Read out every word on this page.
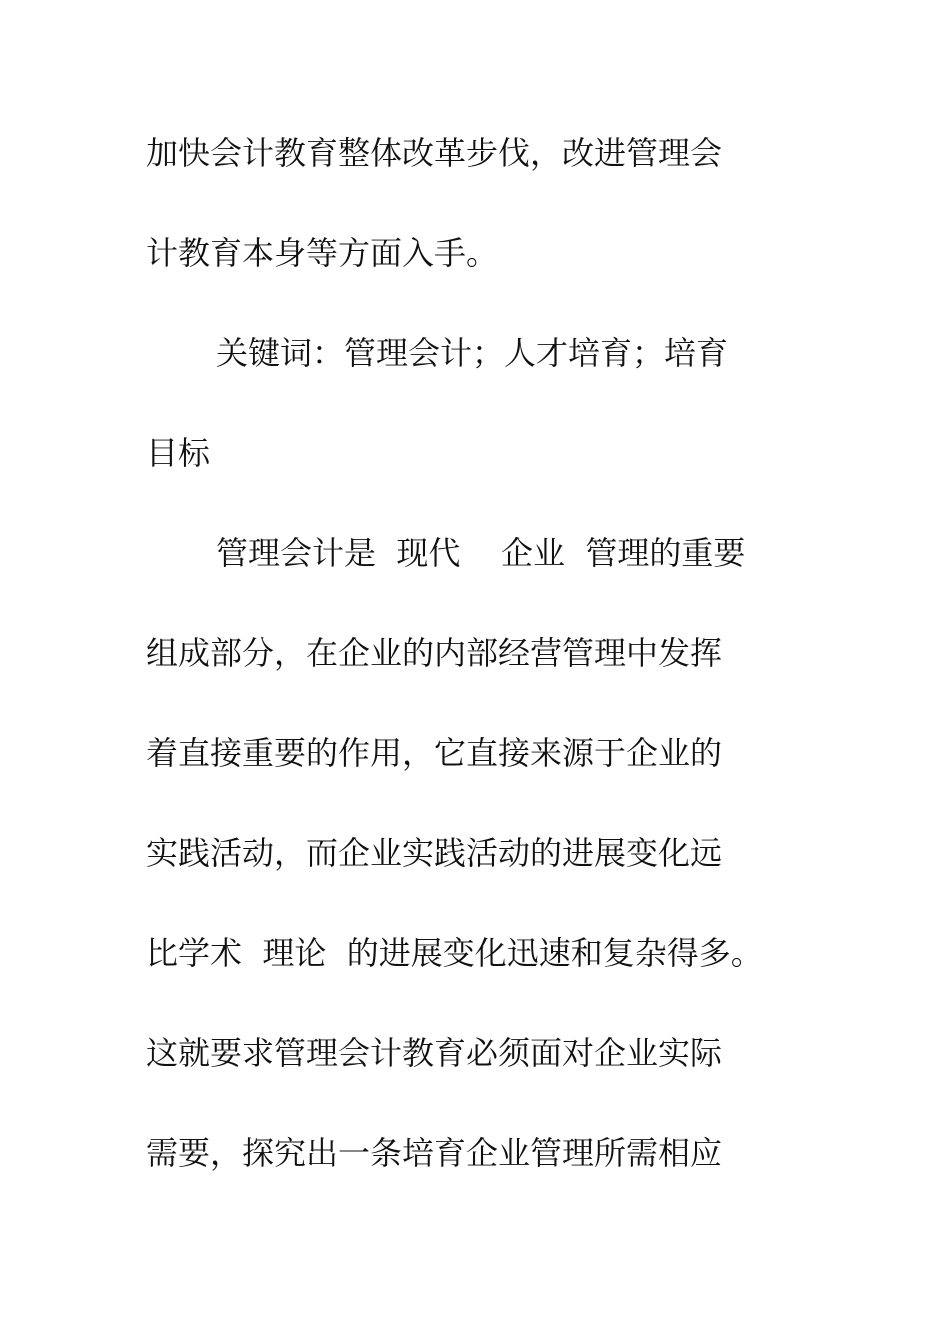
加快会计教育整体改革步伐，改进管理会

计教育本身等方面入手。

关键词：管理会计；人才培育；培育

目标

管理会计是  现代    企业  管理的重要

组成部分，在企业的内部经营管理中发挥

着直接重要的作用，它直接来源于企业的

实践活动，而企业实践活动的进展变化远

比学术  理论  的进展变化迅速和复杂得多。

这就要求管理会计教育必须面对企业实际

需要，探究出一条培育企业管理所需相应
